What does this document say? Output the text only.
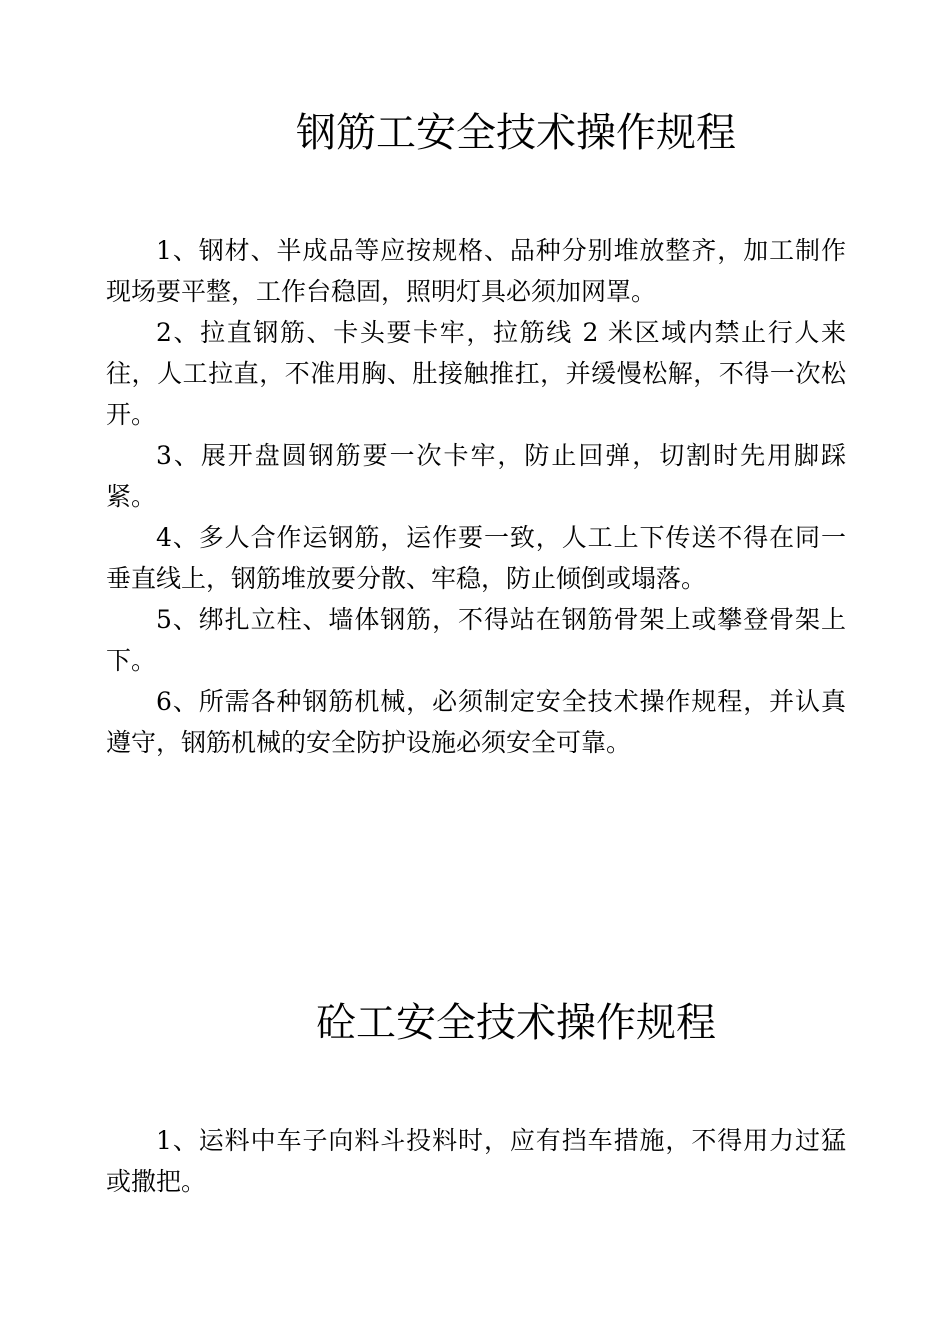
钢筋工安全技术操作规程

1、钢材、半成品等应按规格、品种分别堆放整齐，加工制作现场要平整，工作台稳固，照明灯具必须加网罩。

2、拉直钢筋、卡头要卡牢，拉筋线 2 米区域内禁止行人来往，人工拉直，不准用胸、肚接触推扛，并缓慢松解，不得一次松开。

3、展开盘圆钢筋要一次卡牢，防止回弹，切割时先用脚踩紧。

4、多人合作运钢筋，运作要一致，人工上下传送不得在同一垂直线上，钢筋堆放要分散、牢稳，防止倾倒或塌落。

5、绑扎立柱、墙体钢筋，不得站在钢筋骨架上或攀登骨架上下。

6、所需各种钢筋机械，必须制定安全技术操作规程，并认真遵守，钢筋机械的安全防护设施必须安全可靠。

砼工安全技术操作规程

1、运料中车子向料斗投料时，应有挡车措施，不得用力过猛或撒把。
